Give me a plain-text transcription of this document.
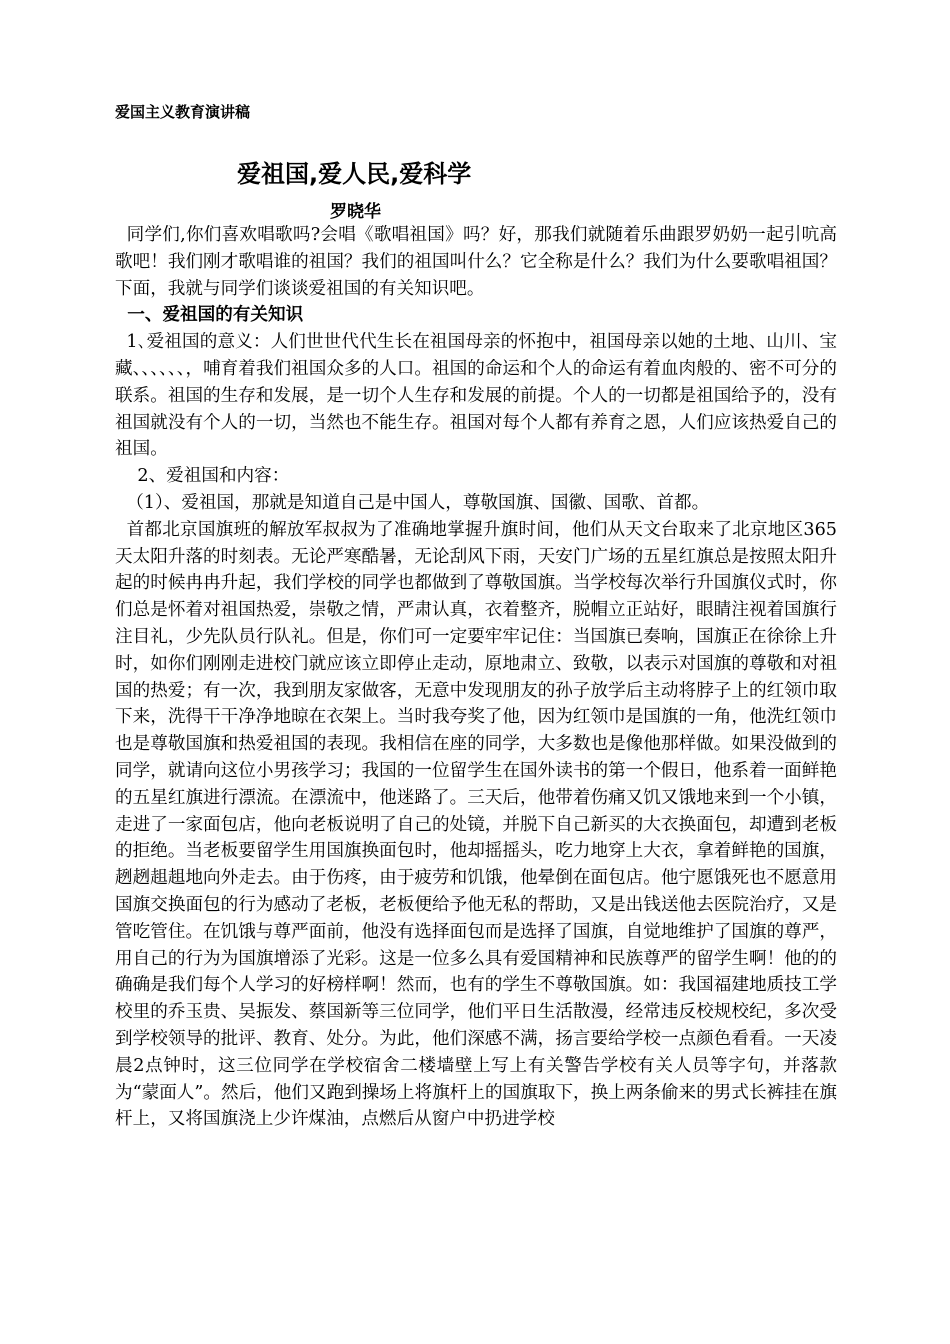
爱国主义教育演讲稿
爱祖国,爱人民,爱科学
罗晓华

同学们,你们喜欢唱歌吗?会唱《歌唱祖国》吗？好，那我们就随着乐曲跟罗奶奶一起引吭高歌吧！我们刚才歌唱谁的祖国？我们的祖国叫什么？它全称是什么？我们为什么要歌唱祖国？下面，我就与同学们谈谈爱祖国的有关知识吧。

一、爱祖国的有关知识

1､爱祖国的意义：人们世世代代生长在祖国母亲的怀抱中，祖国母亲以她的土地、山川、宝藏、、、、、、，哺育着我们祖国众多的人口。祖国的命运和个人的命运有着血肉般的、密不可分的联系。祖国的生存和发展，是一切个人生存和发展的前提。个人的一切都是祖国给予的，没有祖国就没有个人的一切，当然也不能生存。祖国对每个人都有养育之恩，人们应该热爱自己的祖国。

2、爱祖国和内容：

（1）、爱祖国，那就是知道自己是中国人，尊敬国旗、国徽、国歌、首都。

首都北京国旗班的解放军叔叔为了准确地掌握升旗时间，他们从天文台取来了北京地区365天太阳升落的时刻表。无论严寒酷暑，无论刮风下雨，天安门广场的五星红旗总是按照太阳升起的时候冉冉升起，我们学校的同学也都做到了尊敬国旗。当学校每次举行升国旗仪式时，你们总是怀着对祖国热爱，崇敬之情，严肃认真，衣着整齐，脱帽立正站好，眼睛注视着国旗行注目礼，少先队员行队礼。但是，你们可一定要牢牢记住：当国旗已奏响，国旗正在徐徐上升时，如你们刚刚走进校门就应该立即停止走动，原地肃立、致敬，以表示对国旗的尊敬和对祖国的热爱；有一次，我到朋友家做客，无意中发现朋友的孙子放学后主动将脖子上的红领巾取下来，洗得干干净净地晾在衣架上。当时我夸奖了他，因为红领巾是国旗的一角，他洗红领巾也是尊敬国旗和热爱祖国的表现。我相信在座的同学，大多数也是像他那样做。如果没做到的同学，就请向这位小男孩学习；我国的一位留学生在国外读书的第一个假日，他系着一面鲜艳的五星红旗进行漂流。在漂流中，他迷路了。三天后，他带着伤痛又饥又饿地来到一个小镇，走进了一家面包店，他向老板说明了自己的处镜，并脱下自己新买的大衣换面包，却遭到老板的拒绝。当老板要留学生用国旗换面包时，他却摇摇头，吃力地穿上大衣，拿着鲜艳的国旗，趔趔趄趄地向外走去。由于伤疼，由于疲劳和饥饿，他晕倒在面包店。他宁愿饿死也不愿意用国旗交换面包的行为感动了老板，老板便给予他无私的帮助，又是出钱送他去医院治疗，又是管吃管住。在饥饿与尊严面前，他没有选择面包而是选择了国旗，自觉地维护了国旗的尊严，用自己的行为为国旗增添了光彩。这是一位多么具有爱国精神和民族尊严的留学生啊！他的的确确是我们每个人学习的好榜样啊！然而，也有的学生不尊敬国旗。如：我国福建地质技工学校里的乔玉贵、吴振发、蔡国新等三位同学，他们平日生活散漫，经常违反校规校纪，多次受到学校领导的批评、教育、处分。为此，他们深感不满，扬言要给学校一点颜色看看。一天凌晨2点钟时，这三位同学在学校宿舍二楼墙壁上写上有关警告学校有关人员等字句，并落款为“蒙面人”。然后，他们又跑到操场上将旗杆上的国旗取下，换上两条偷来的男式长裤挂在旗杆上，又将国旗浇上少许煤油，点燃后从窗户中扔进学校
